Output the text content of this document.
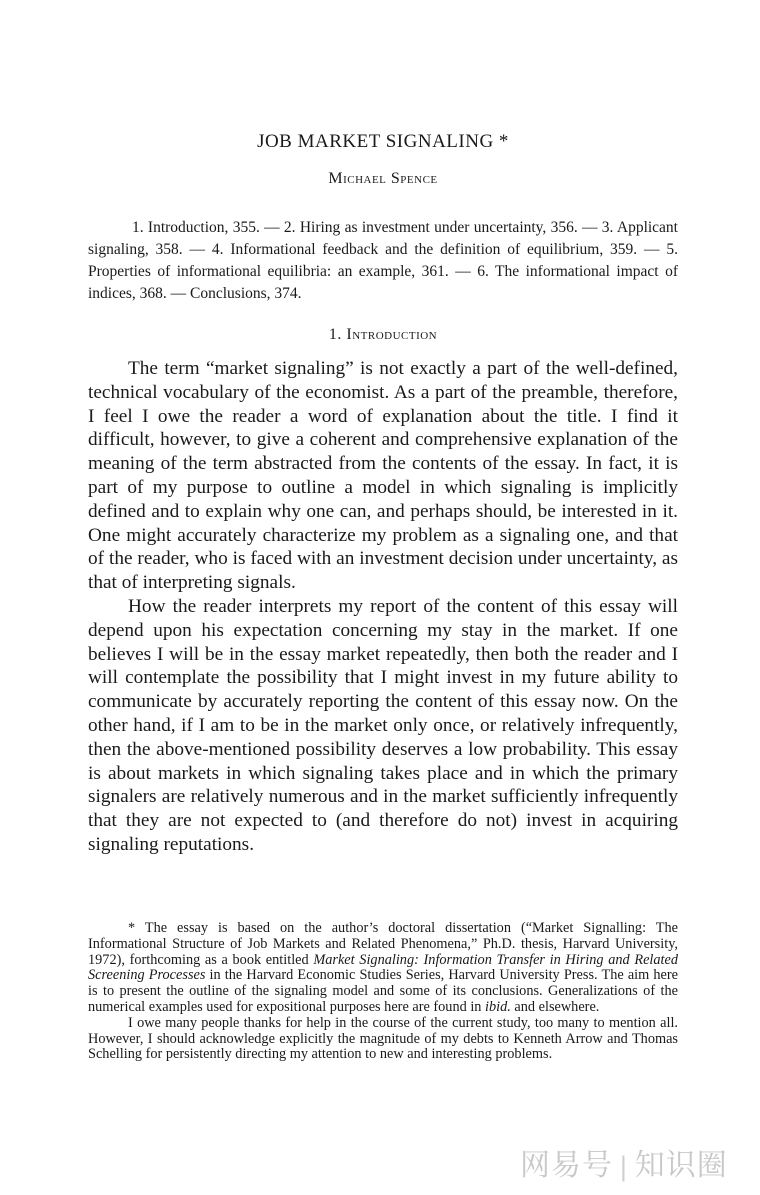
JOB MARKET SIGNALING *
Michael Spence
1. Introduction, 355. — 2. Hiring as investment under uncertainty, 356. — 3. Applicant signaling, 358. — 4. Informational feedback and the definition of equilibrium, 359. — 5. Properties of informational equilibria: an example, 361. — 6. The informational impact of indices, 368. — Conclusions, 374.
1. Introduction

The term “market signaling” is not exactly a part of the well-defined, technical vocabulary of the economist. As a part of the preamble, therefore, I feel I owe the reader a word of explanation about the title. I find it difficult, however, to give a coherent and comprehensive explanation of the meaning of the term abstracted from the contents of the essay. In fact, it is part of my purpose to outline a model in which signaling is implicitly defined and to explain why one can, and perhaps should, be interested in it. One might accurately characterize my problem as a signaling one, and that of the reader, who is faced with an investment decision under uncertainty, as that of interpreting signals.

How the reader interprets my report of the content of this essay will depend upon his expectation concerning my stay in the market. If one believes I will be in the essay market repeatedly, then both the reader and I will contemplate the possibility that I might invest in my future ability to communicate by accurately reporting the content of this essay now. On the other hand, if I am to be in the market only once, or relatively infrequently, then the above-mentioned possibility deserves a low probability. This essay is about markets in which signaling takes place and in which the primary signalers are relatively numerous and in the market sufficiently infrequently that they are not expected to (and therefore do not) invest in acquiring signaling reputations.

* The essay is based on the author’s doctoral dissertation (“Market Signalling: The Informational Structure of Job Markets and Related Phenomena,” Ph.D. thesis, Harvard University, 1972), forthcoming as a book entitled Market Signaling: Information Transfer in Hiring and Related Screening Processes in the Harvard Economic Studies Series, Harvard University Press. The aim here is to present the outline of the signaling model and some of its conclusions. Generalizations of the numerical examples used for expositional purposes here are found in ibid. and elsewhere.

I owe many people thanks for help in the course of the current study, too many to mention all. However, I should acknowledge explicitly the magnitude of my debts to Kenneth Arrow and Thomas Schelling for persistently directing my attention to new and interesting problems.

网易号 | 知识圈
